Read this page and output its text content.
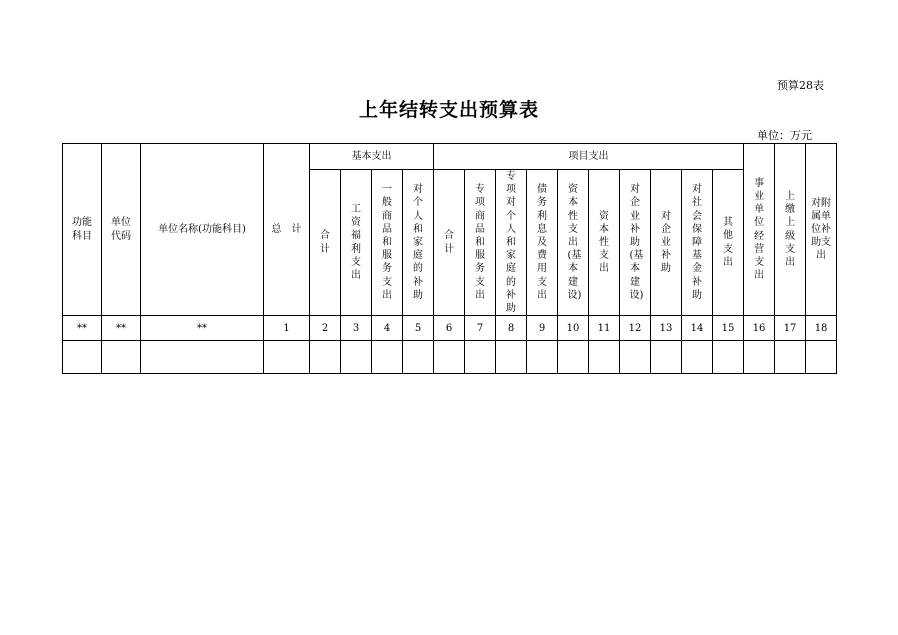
预算28表
上年结转支出预算表
单位：万元
功能科目	单位代码	单位名称(功能科目)	总　计	基本支出				项目支出										事业单位经营支出	上缴上级支出	对附属单位补助支出
				合计	工资福利支出	一般商品和服务支出	对个人和家庭的补助	合计	专项商品和服务支出	专项对个人和家庭的补助	债务利息及费用支出	资本性支出(基本建设)	资本性支出	对企业补助(基本建设)	对企业补助	对社会保障基金补助	其他支出			
**	**	**	1	2	3	4	5	6	7	8	9	10	11	12	13	14	15	16	17	18
